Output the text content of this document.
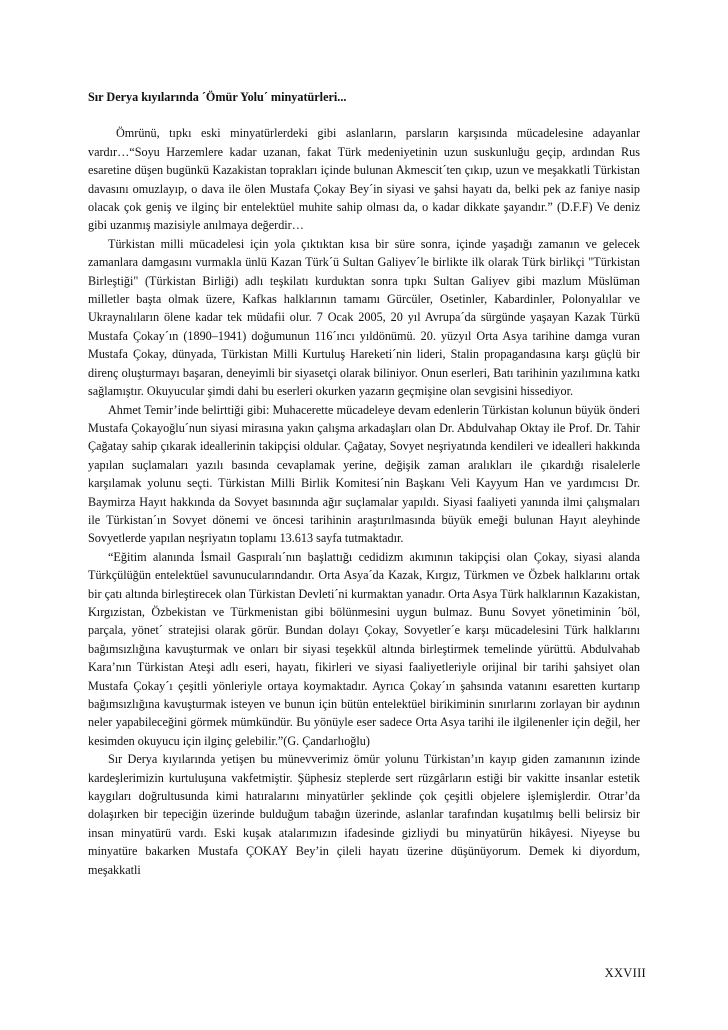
Sır Derya kıyılarında ´Ömür Yolu´ minyatürleri...

Ömrünü, tıpkı eski minyatürlerdeki gibi aslanların, parsların karşısında mücadelesine adayanlar vardır…“Soyu Harzemlere kadar uzanan, fakat Türk medeniyetinin uzun suskunluğu geçip, ardından Rus esaretine düşen bugünkü Kazakistan toprakları içinde bulunan Akmescit´ten çıkıp, uzun ve meşakkatli Türkistan davasını omuzlayıp, o dava ile ölen Mustafa Çokay Bey´in siyasi ve şahsi hayatı da, belki pek az faniye nasip olacak çok geniş ve ilginç bir entelektüel muhite sahip olması da, o kadar dikkate şayandır.” (D.F.F) Ve deniz gibi uzanmış mazisiyle anılmaya değerdir…

Türkistan milli mücadelesi için yola çıktıktan kısa bir süre sonra, içinde yaşadığı zamanın ve gelecek zamanlara damgasını vurmakla ünlü Kazan Türk´ü Sultan Galiyev´le birlikte ilk olarak Türk birlikçi "Türkistan Birleştiği" (Türkistan Birliği) adlı teşkilatı kurduktan sonra tıpkı Sultan Galiyev gibi mazlum Müslüman milletler başta olmak üzere, Kafkas halklarının tamamı Gürcüler, Osetinler, Kabardinler, Polonyalılar ve Ukraynalıların ölene kadar tek müdafii olur. 7 Ocak 2005, 20 yıl Avrupa´da sürgünde yaşayan Kazak Türkü Mustafa Çokay´ın (1890–1941) doğumunun 116´ıncı yıldönümü. 20. yüzyıl Orta Asya tarihine damga vuran Mustafa Çokay, dünyada, Türkistan Milli Kurtuluş Hareketi´nin lideri, Stalin propagandasına karşı güçlü bir direnç oluşturmayı başaran, deneyimli bir siyasetçi olarak biliniyor. Onun eserleri, Batı tarihinin yazılımına katkı sağlamıştır. Okuyucular şimdi dahi bu eserleri okurken yazarın geçmişine olan sevgisini hissediyor.

Ahmet Temir’inde belirttiği gibi: Muhacerette mücadeleye devam edenlerin Türkistan kolunun büyük önderi Mustafa Çokayoğlu´nun siyasi mirasına yakın çalışma arkadaşları olan Dr. Abdulvahap Oktay ile Prof. Dr. Tahir Çağatay sahip çıkarak ideallerinin takipçisi oldular. Çağatay, Sovyet neşriyatında kendileri ve idealleri hakkında yapılan suçlamaları yazılı basında cevaplamak yerine, değişik zaman aralıkları ile çıkardığı risalelerle karşılamak yolunu seçti. Türkistan Milli Birlik Komitesi´nin Başkanı Veli Kayyum Han ve yardımcısı Dr. Baymirza Hayıt hakkında da Sovyet basınında ağır suçlamalar yapıldı. Siyasi faaliyeti yanında ilmi çalışmaları ile Türkistan´ın Sovyet dönemi ve öncesi tarihinin araştırılmasında büyük emeği bulunan Hayıt aleyhinde Sovyetlerde yapılan neşriyatın toplamı 13.613 sayfa tutmaktadır.

“Eğitim alanında İsmail Gaspıralı´nın başlattığı cedidizm akımının takipçisi olan Çokay, siyasi alanda Türkçülüğün entelektüel savunucularındandır. Orta Asya´da Kazak, Kırgız, Türkmen ve Özbek halklarını ortak bir çatı altında birleştirecek olan Türkistan Devleti´ni kurmaktan yanadır. Orta Asya Türk halklarının Kazakistan, Kırgızistan, Özbekistan ve Türkmenistan gibi bölünmesini uygun bulmaz. Bunu Sovyet yönetiminin ´böl, parçala, yönet´ stratejisi olarak görür. Bundan dolayı Çokay, Sovyetler´e karşı mücadelesini Türk halklarını bağımsızlığına kavuşturmak ve onları bir siyasi teşekkül altında birleştirmek temelinde yürüttü. Abdulvahab Kara’nın Türkistan Ateşi adlı eseri, hayatı, fikirleri ve siyasi faaliyetleriyle orijinal bir tarihi şahsiyet olan Mustafa Çokay´ı çeşitli yönleriyle ortaya koymaktadır. Ayrıca Çokay´ın şahsında vatanını esaretten kurtarıp bağımsızlığına kavuşturmak isteyen ve bunun için bütün entelektüel birikiminin sınırlarını zorlayan bir aydının neler yapabileceğini görmek mümkündür. Bu yönüyle eser sadece Orta Asya tarihi ile ilgilenenler için değil, her kesimden okuyucu için ilginç gelebilir.”(G. Çandarlıoğlu)

Sır Derya kıyılarında yetişen bu münevverimiz ömür yolunu Türkistan’ın kayıp giden zamanının izinde kardeşlerimizin kurtuluşuna vakfetmiştir. Şüphesiz steplerde sert rüzgârların estiği bir vakitte insanlar estetik kaygıları doğrultusunda kimi hatıralarını minyatürler şeklinde çok çeşitli objelere işlemişlerdir. Otrar’da dolaşırken bir tepeciğin üzerinde bulduğum tabağın üzerinde, aslanlar tarafından kuşatılmış belli belirsiz bir insan minyatürü vardı. Eski kuşak atalarımızın ifadesinde gizliydi bu minyatürün hikâyesi. Niyeyse bu minyatüre bakarken Mustafa ÇOKAY Bey’in çileli hayatı üzerine düşünüyorum. Demek ki diyordum, meşakkatli

XXVIII
